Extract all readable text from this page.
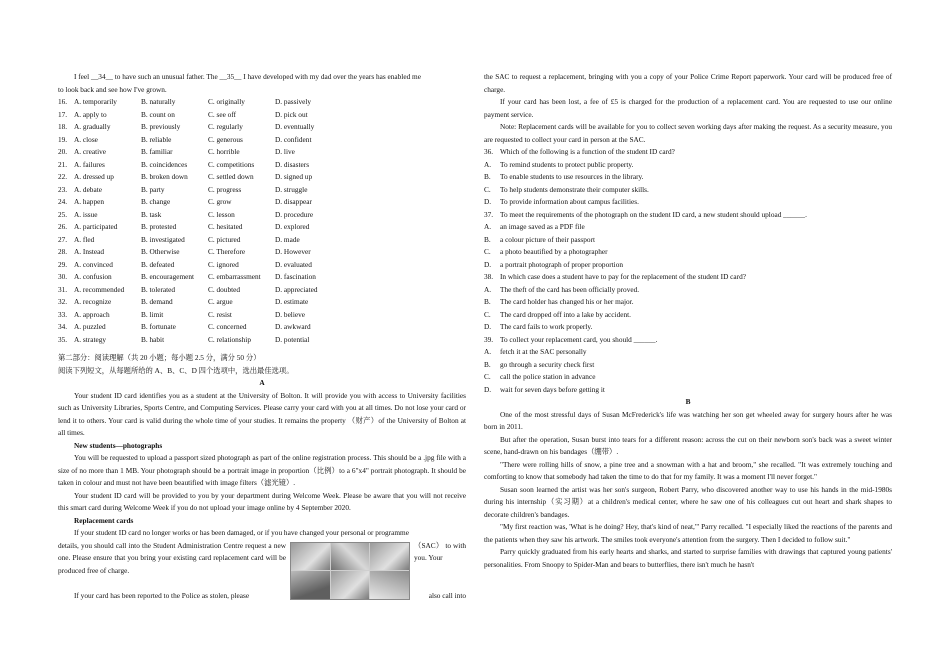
I feel __34__ to have such an unusual father. The __35__ I have developed with my dad over the years has enabled me

to look back and see how I've grown.

16. A. temporarily	B. naturally	C. originally	D. passively
17. A. apply to	B. count on	C. see off	D. pick out
18. A. gradually	B. previously	C. regularly	D. eventually
19. A. close	B. reliable	C. generous	D. confident
20. A. creative	B. familiar	C. horrible	D. live
21. A. failures	B. coincidences	C. competitions	D. disasters
22. A. dressed up	B. broken down	C. settled down	D. signed up
23. A. debate	B. party	C. progress	D. struggle
24. A. happen	B. change	C. grow	D. disappear
25. A. issue	B. task	C. lesson	D. procedure
26. A. participated	B. protested	C. hesitated	D. explored
27. A. fled	B. investigated	C. pictured	D. made
28. A. Instead	B. Otherwise	C. Therefore	D. However
29. A. convinced	B. defeated	C. ignored	D. evaluated
30. A. confusion	B. encouragement	C. embarrassment	D. fascination
31. A. recommended	B. tolerated	C. doubted	D. appreciated
32. A. recognize	B. demand	C. argue	D. estimate
33. A. approach	B. limit	C. resist	D. believe
34. A. puzzled	B. fortunate	C. concerned	D. awkward
35. A. strategy	B. habit	C. relationship	D. potential

第二部分：阅读理解（共 20 小题；每小题 2.5 分，满分 50 分）

阅读下列短文，从每题所给的 A、B、C、D 四个选项中，选出最佳选项。

A

Your student ID card identifies you as a student at the University of Bolton. It will provide you with access to University facilities such as University Libraries, Sports Centre, and Computing Services. Please carry your card with you at all times. Do not lose your card or lend it to others. Your card is valid during the whole time of your studies. It remains the property （财产）of the University of Bolton at all times.

New students—photographs

You will be requested to upload a passport sized photograph as part of the online registration process. This should be a .jpg file with a size of no more than 1 MB. Your photograph should be a portrait image in proportion（比例）to a 6"x4" portrait photograph. It should be taken in colour and must not have been beautified with image filters（滤光镜）.

Your student ID card will be provided to you by your department during Welcome Week. Please be aware that you will not receive this smart card during Welcome Week if you do not upload your image online by 4 September 2020.

Replacement cards

If your student ID card no longer works or has been damaged, or if you have changed your personal or programme

details, you should call into the Student Administration Centre request a new one. Please ensure that you bring your existing card replacement card will be produced free of charge.

（SAC） to with you. Your

If your card has been reported to the Police as stolen, please	also call into

the SAC to request a replacement, bringing with you a copy of your Police Crime Report paperwork. Your card will be produced free of charge.

If your card has been lost, a fee of £5 is charged for the production of a replacement card. You are requested to use our online payment service.

Note: Replacement cards will be available for you to collect seven working days after making the request. As a security measure, you are requested to collect your card in person at the SAC.

36. Which of the following is a function of the student ID card?
A.	To remind students to protect public property.
B.	To enable students to use resources in the library.
C.	To help students demonstrate their computer skills.
D.	To provide information about campus facilities.
37. To meet the requirements of the photograph on the student ID card, a new student should upload ______.
A.	an image saved as a PDF file
B.	a colour picture of their passport
C.	a photo beautified by a photographer
D.	a portrait photograph of proper proportion
38. In which case does a student have to pay for the replacement of the student ID card?
A.	The theft of the card has been officially proved.
B.	The card holder has changed his or her major.
C.	The card dropped off into a lake by accident.
D.	The card fails to work properly.
39. To collect your replacement card, you should ______.
A.	fetch it at the SAC personally
B.	go through a security check first
C.	call the police station in advance
D.	wait for seven days before getting it

B

One of the most stressful days of Susan McFrederick's life was watching her son get wheeled away for surgery hours after he was born in 2011.

But after the operation, Susan burst into tears for a different reason: across the cut on their newborn son's back was a sweet winter scene, hand-drawn on his bandages（绷带）.

"There were rolling hills of snow, a pine tree and a snowman with a hat and broom," she recalled. "It was extremely touching and comforting to know that somebody had taken the time to do that for my family. It was a moment I'll never forget."

Susan soon learned the artist was her son's surgeon, Robert Parry, who discovered another way to use his hands in the mid-1980s during his internship（实习期）at a children's medical center, where he saw one of his colleagues cut out heart and shark shapes to decorate children's bandages.

"My first reaction was, 'What is he doing? Hey, that's kind of neat,'" Parry recalled. "I especially liked the reactions of the parents and the patients when they saw his artwork. The smiles took everyone's attention from the surgery. Then I decided to follow suit."

Parry quickly graduated from his early hearts and sharks, and started to surprise families with drawings that captured young patients' personalities. From Snoopy to Spider-Man and bears to butterflies, there isn't much he hasn't
